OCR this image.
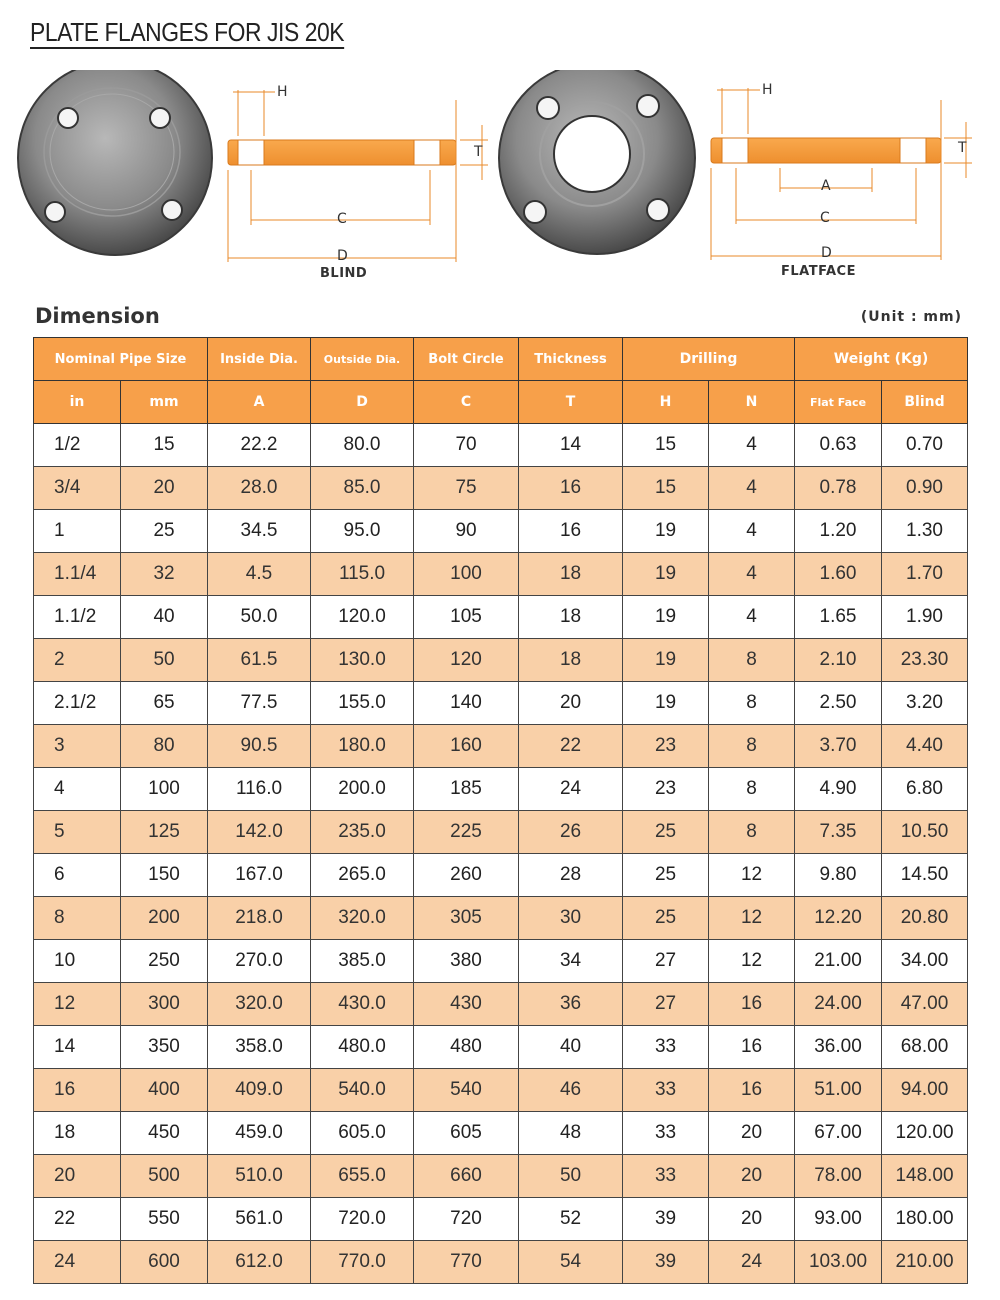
PLATE FLANGES FOR JIS 20K
H
T
C
D
BLIND
H
T
A
C
D
FLATFACE
Dimension	(Unit : mm)
Nominal Pipe Size		Inside Dia.	Outside Dia.	Bolt Circle	Thickness	Drilling		Weight (Kg)	
in	mm	A	D	C	T	H	N	Flat Face	Blind
1/2	15	22.2	80.0	70	14	15	4	0.63	0.70
3/4	20	28.0	85.0	75	16	15	4	0.78	0.90
1	25	34.5	95.0	90	16	19	4	1.20	1.30
1.1/4	32	4.5	115.0	100	18	19	4	1.60	1.70
1.1/2	40	50.0	120.0	105	18	19	4	1.65	1.90
2	50	61.5	130.0	120	18	19	8	2.10	23.30
2.1/2	65	77.5	155.0	140	20	19	8	2.50	3.20
3	80	90.5	180.0	160	22	23	8	3.70	4.40
4	100	116.0	200.0	185	24	23	8	4.90	6.80
5	125	142.0	235.0	225	26	25	8	7.35	10.50
6	150	167.0	265.0	260	28	25	12	9.80	14.50
8	200	218.0	320.0	305	30	25	12	12.20	20.80
10	250	270.0	385.0	380	34	27	12	21.00	34.00
12	300	320.0	430.0	430	36	27	16	24.00	47.00
14	350	358.0	480.0	480	40	33	16	36.00	68.00
16	400	409.0	540.0	540	46	33	16	51.00	94.00
18	450	459.0	605.0	605	48	33	20	67.00	120.00
20	500	510.0	655.0	660	50	33	20	78.00	148.00
22	550	561.0	720.0	720	52	39	20	93.00	180.00
24	600	612.0	770.0	770	54	39	24	103.00	210.00
